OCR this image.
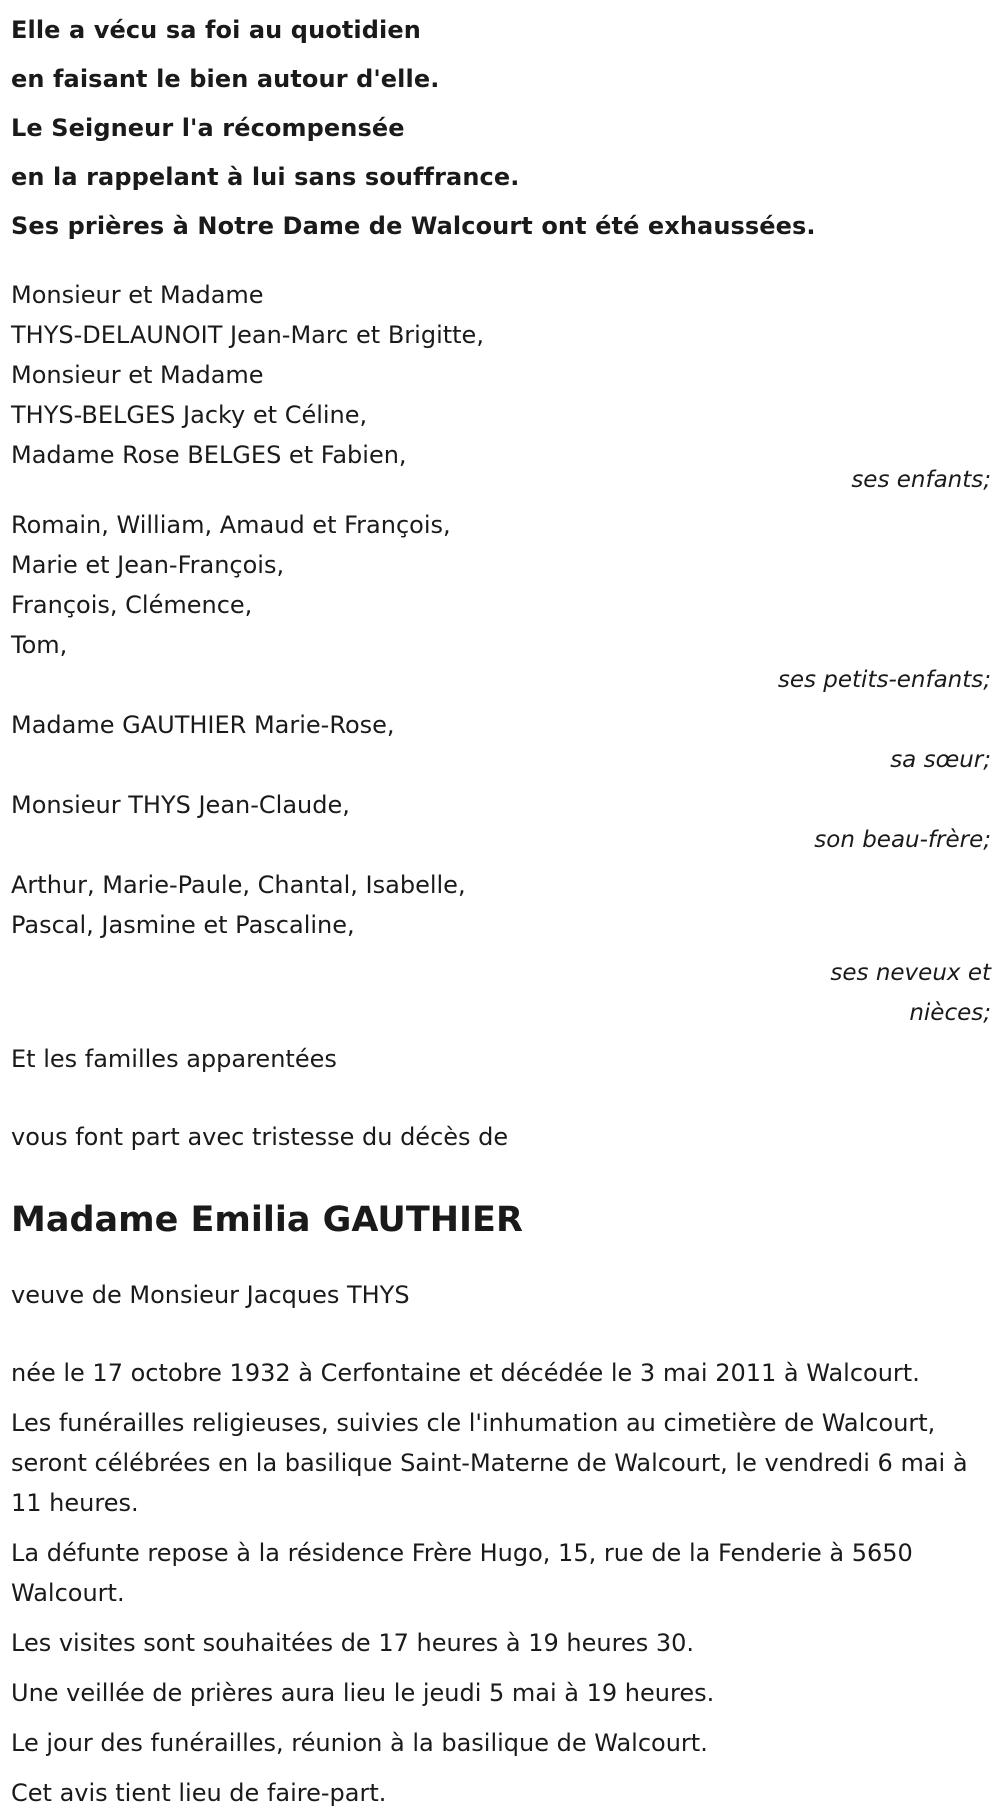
Elle a vécu sa foi au quotidien
en faisant le bien autour d'elle.
Le Seigneur l'a récompensée
en la rappelant à lui sans souffrance.
Ses prières à Notre Dame de Walcourt ont été exhaussées.
Monsieur et Madame
THYS-DELAUNOIT Jean-Marc et Brigitte,
Monsieur et Madame
THYS-BELGES Jacky et Céline,
Madame Rose BELGES et Fabien,
ses enfants;
Romain, William, Amaud et François,
Marie et Jean-François,
François, Clémence,
Tom,
ses petits-enfants;
Madame GAUTHIER Marie-Rose,
sa sœur;
Monsieur THYS Jean-Claude,
son beau-frère;
Arthur, Marie-Paule, Chantal, Isabelle,
Pascal, Jasmine et Pascaline,
ses neveux et
nièces;

Et les familles apparentées

vous font part avec tristesse du décès de

Madame Emilia GAUTHIER

veuve de Monsieur Jacques THYS

née le 17 octobre 1932 à Cerfontaine et décédée le 3 mai 2011 à Walcourt.

Les funérailles religieuses, suivies cle l'inhumation au cimetière de Walcourt, seront célébrées en la basilique Saint-Materne de Walcourt, le vendredi 6 mai à 11 heures.

La défunte repose à la résidence Frère Hugo, 15, rue de la Fenderie à 5650 Walcourt.

Les visites sont souhaitées de 17 heures à 19 heures 30.

Une veillée de prières aura lieu le jeudi 5 mai à 19 heures.

Le jour des funérailles, réunion à la basilique de Walcourt.

Cet avis tient lieu de faire-part.
